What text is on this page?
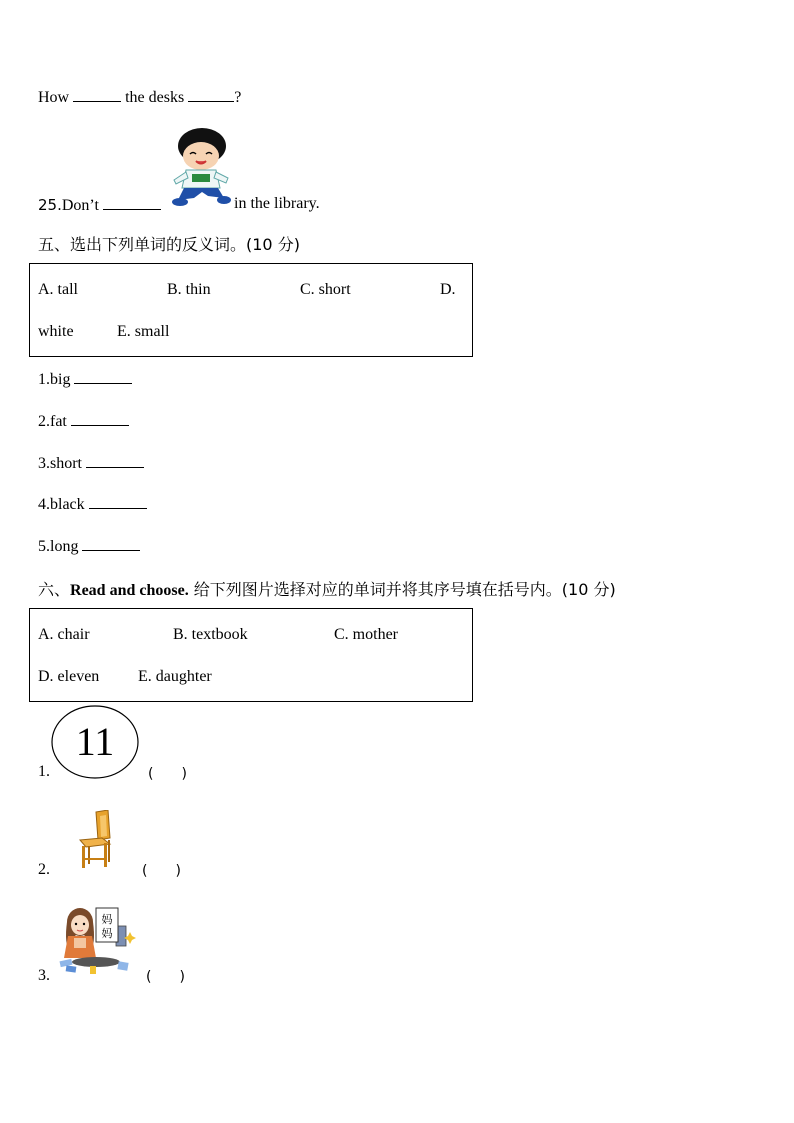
How	the desks	?
25.Don’t	in the library.
五、选出下列单词的反义词。(10 分)
A. tall	B. thin	C. short	D.
white	E. small
1.big
2.fat
3.short
4.black
5.long
六、Read and choose. 给下列图片选择对应的单词并将其序号填在括号内。(10 分)
A. chair	B. textbook	C. mother
D. eleven E. daughter
1.
11
(　　)
2.	(　　)
3.
妈
妈
(　　)
